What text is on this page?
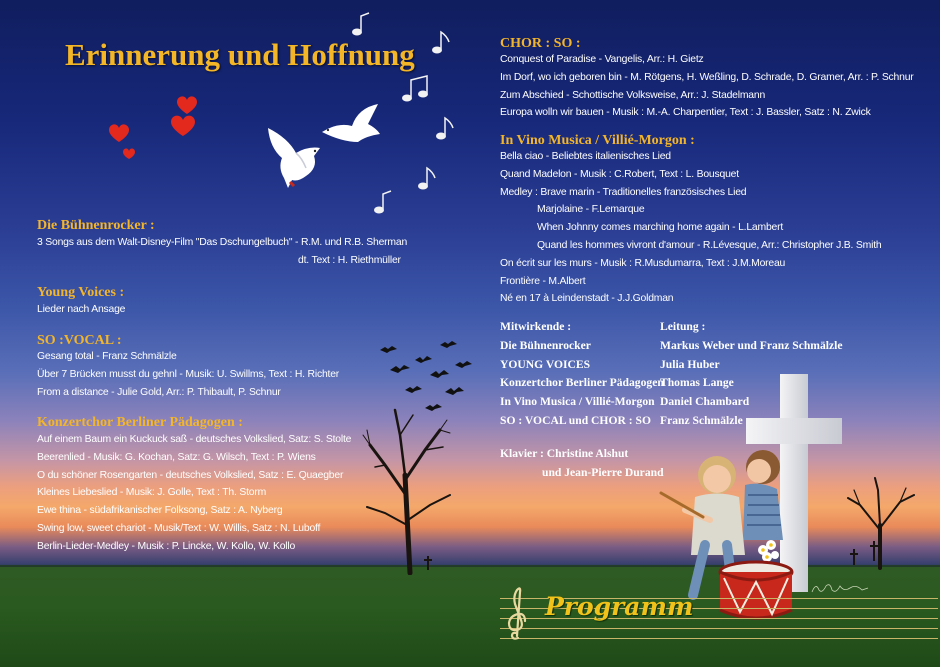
Erinnerung und Hoffnung
Die Bühnenrocker :
3 Songs aus dem Walt-Disney-Film "Das Dschungelbuch" - R.M. und R.B. Sherman
dt. Text : H. Riethmüller
Young Voices :
Lieder nach Ansage
SO :VOCAL :
Gesang total - Franz Schmälzle
Über 7 Brücken musst du gehnl - Musik: U. Swillms, Text : H. Richter
From a distance - Julie Gold, Arr.: P. Thibault, P. Schnur
Konzertchor Berliner Pädagogen :
Auf einem Baum ein Kuckuck saß - deutsches Volkslied, Satz: S. Stolte
Beerenlied - Musik: G. Kochan, Satz: G. Wilsch, Text : P. Wiens
O du schöner Rosengarten - deutsches Volkslied, Satz : E. Quaegber
Kleines Liebeslied - Musik: J. Golle, Text : Th. Storm
Ewe thina - südafrikanischer Folksong, Satz : A. Nyberg
Swing low, sweet chariot - Musik/Text : W. Willis, Satz : N. Luboff
Berlin-Lieder-Medley - Musik : P. Lincke, W. Kollo, W. Kollo
CHOR : SO :
Conquest of Paradise - Vangelis, Arr.: H. Gietz
Im Dorf, wo ich geboren bin - M. Rötgens, H. Weßling, D. Schrade, D. Gramer, Arr. : P. Schnur
Zum Abschied - Schottische Volksweise, Arr.: J. Stadelmann
Europa wolln wir bauen - Musik : M.-A. Charpentier, Text : J. Bassler, Satz : N. Zwick
In Vino Musica / Villié-Morgon :
Bella ciao - Beliebtes italienisches Lied
Quand Madelon - Musik : C.Robert, Text : L. Bousquet
Medley : Brave marin - Traditionelles französisches Lied
Marjolaine - F.Lemarque
When Johnny comes marching home again - L.Lambert
Quand les hommes vivront d'amour - R.Lévesque, Arr.: Christopher J.B. Smith
On écrit sur les murs - Musik : R.Musdumarra, Text : J.M.Moreau
Frontière - M.Albert
Né en 17 à Leindenstadt - J.J.Goldman
Mitwirkende :
Die Bühnenrocker
YOUNG VOICES
Konzertchor Berliner Pädagogen
In Vino Musica / Villié-Morgon
SO : VOCAL und CHOR : SO
Leitung :
Markus Weber und Franz Schmälzle
Julia Huber
Thomas Lange
Daniel Chambard
Franz Schmälzle
Klavier : Christine Alshut
und Jean-Pierre Durand
Programm
